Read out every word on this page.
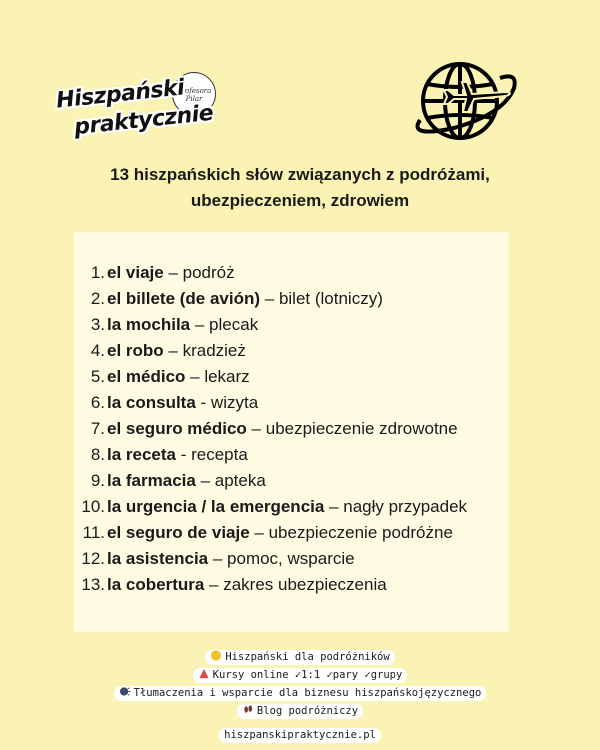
Profesora Pilar
Hiszpański
praktycznie
13 hiszpańskich słów związanych z podróżami,
ubezpieczeniem, zdrowiem
1. el viaje – podróż
2. el billete (de avión) – bilet (lotniczy)
3. la mochila – plecak
4. el robo – kradzież
5. el médico – lekarz
6. la consulta - wizyta
7. el seguro médico – ubezpieczenie zdrowotne
8. la receta - recepta
9. la farmacia – apteka
10. la urgencia / la emergencia – nagły przypadek
11. el seguro de viaje – ubezpieczenie podróżne
12. la asistencia – pomoc, wsparcie
13. la cobertura – zakres ubezpieczenia
Hiszpański dla podróżników
Kursy online ✓1:1 ✓pary ✓grupy
Tłumaczenia i wsparcie dla biznesu hiszpańskojęzycznego
Blog podróżniczy
hiszpanskipraktycznie.pl
